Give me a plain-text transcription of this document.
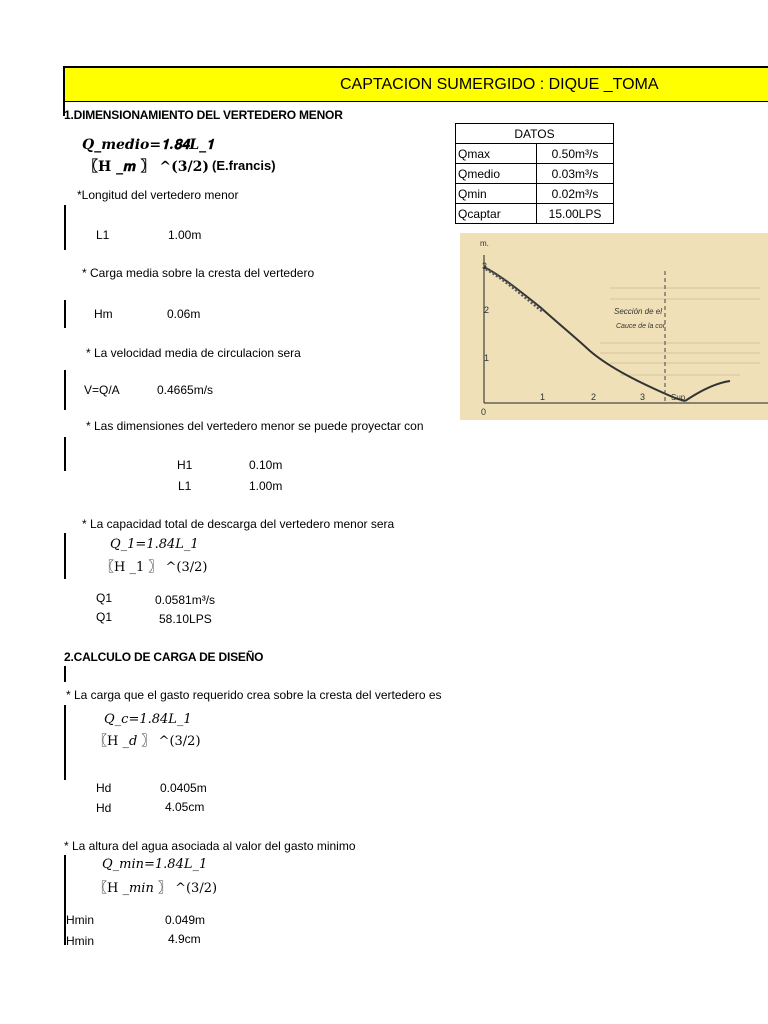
CAPTACION SUMERGIDO : DIQUE _TOMA
1.DIMENSIONAMIENTO DEL VERTEDERO MENOR
𝑸_𝒎𝒆𝒅𝒊𝒐=𝟏.𝟖𝟒𝑳_𝟏
〖H _𝒎 〗 ^(𝟑/𝟐) (E.francis)
*Longitud del vertedero menor
L1	1.00m
* Carga media sobre la cresta del vertedero
Hm	0.06m
* La velocidad media de circulacion sera
V=Q/A	0.4665m/s
* Las dimensiones del vertedero menor se puede proyectar con
H1	0.10m
L1	1.00m
* La capacidad total de descarga del vertedero menor sera
𝑄_1=1.84𝐿_1
〖H _1 〗 ^(3/2)
Q1	0.0581m³/s
Q1	58.10LPS
DATOS	
Qmax	0.50m³/s
Qmedio	0.03m³/s
Qmin	0.02m³/s
Qcaptar	15.00LPS
m.
3
2
1
0
1	2	3
Sección de el
Cauce de la cor
Sup.
2.CALCULO DE CARGA DE DISEÑO
* La carga que el gasto requerido crea sobre la cresta del vertedero es
𝑄_𝑐=1.84𝐿_1
〖H _𝑑 〗 ^(3/2)
Hd	0.0405m
Hd	4.05cm
* La altura del agua asociada al valor del gasto minimo
𝑄_𝑚𝑖𝑛=1.84𝐿_1
〖H _𝑚𝑖𝑛 〗 ^(3/2)
Hmin	0.049m
Hmin	4.9cm
